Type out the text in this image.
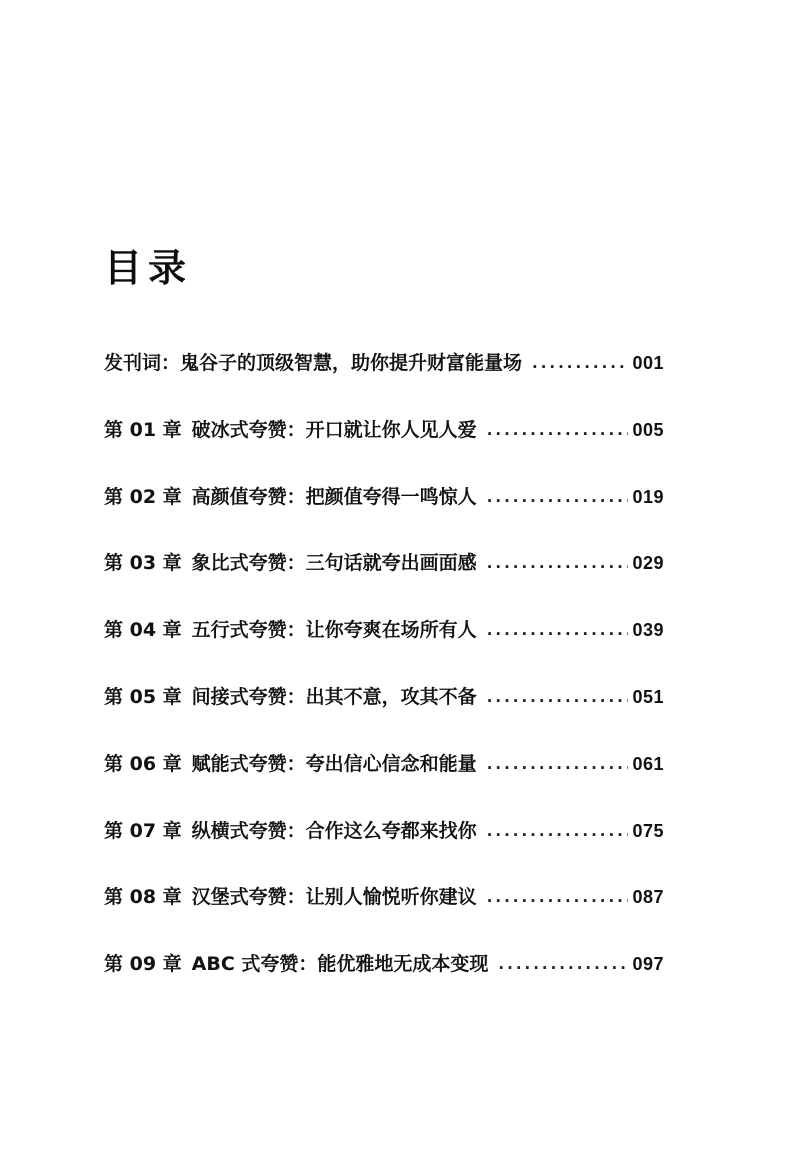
目录
发刊词：鬼谷子的顶级智慧，助你提升财富能量场 .....	001
第 01 章 破冰式夸赞：开口就让你人见人爱 .....	005
第 02 章 高颜值夸赞：把颜值夸得一鸣惊人 .....	019
第 03 章 象比式夸赞：三句话就夸出画面感 .....	029
第 04 章 五行式夸赞：让你夸爽在场所有人 .....	039
第 05 章 间接式夸赞：出其不意，攻其不备 .....	051
第 06 章 赋能式夸赞：夸出信心信念和能量 .....	061
第 07 章 纵横式夸赞：合作这么夸都来找你 .....	075
第 08 章 汉堡式夸赞：让别人愉悦听你建议 .....	087
第 09 章 ABC 式夸赞：能优雅地无成本变现 .....	097
